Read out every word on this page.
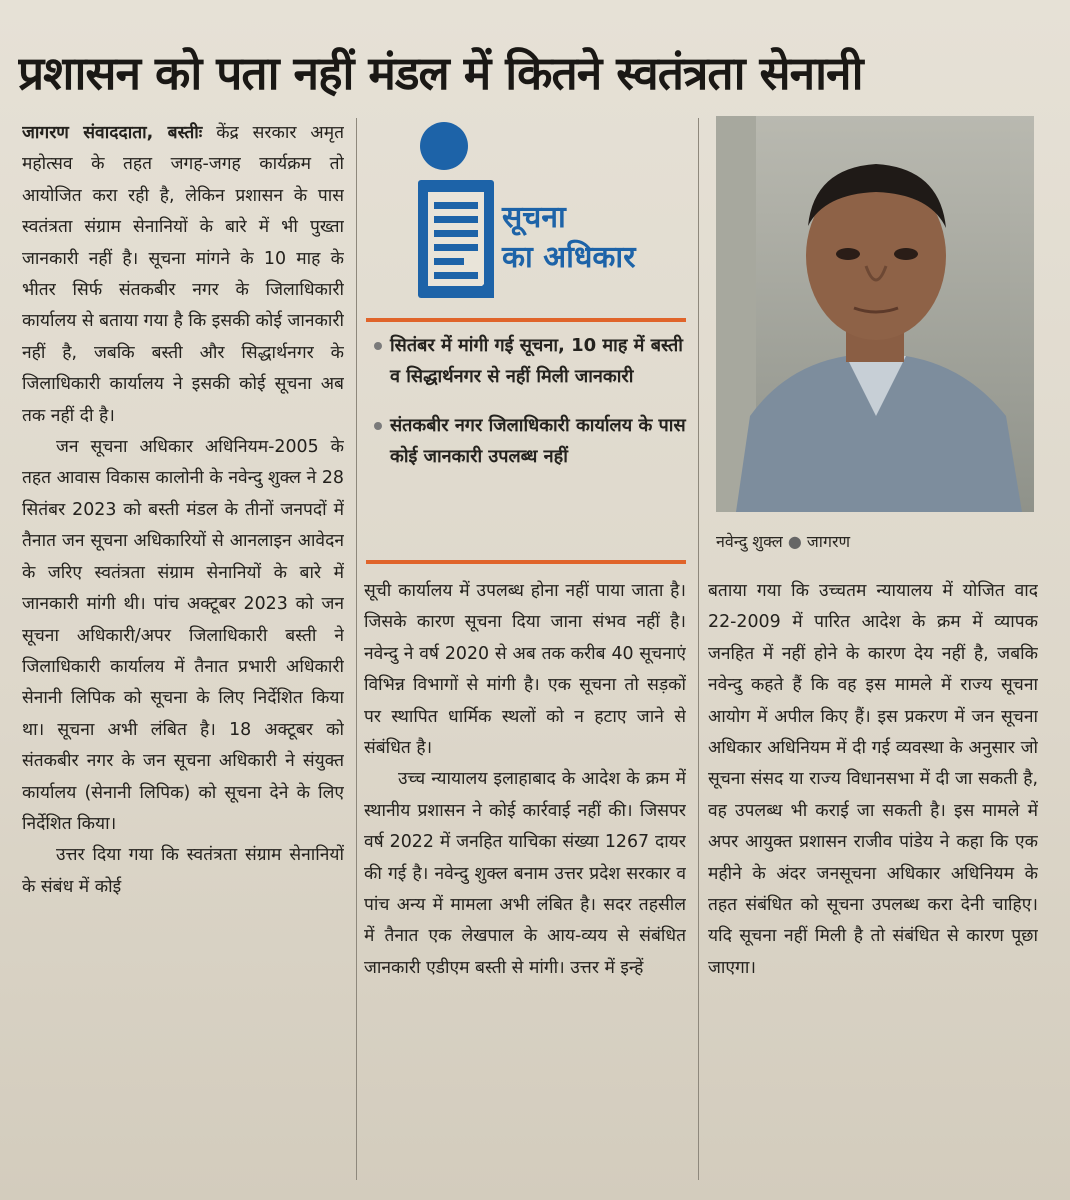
प्रशासन को पता नहीं मंडल में कितने स्वतंत्रता सेनानी

जागरण संवाददाता, बस्तीः केंद्र सरकार अमृत महोत्सव के तहत जगह-जगह कार्यक्रम तो आयोजित करा रही है, लेकिन प्रशासन के पास स्वतंत्रता संग्राम सेनानियों के बारे में भी पुख्ता जानकारी नहीं है। सूचना मांगने के 10 माह के भीतर सिर्फ संतकबीर नगर के जिलाधिकारी कार्यालय से बताया गया है कि इसकी कोई जानकारी नहीं है, जबकि बस्ती और सिद्धार्थनगर के जिलाधिकारी कार्यालय ने इसकी कोई सूचना अब तक नहीं दी है।

जन सूचना अधिकार अधिनियम-2005 के तहत आवास विकास कालोनी के नवेन्दु शुक्ल ने 28 सितंबर 2023 को बस्ती मंडल के तीनों जनपदों में तैनात जन सूचना अधिकारियों से आनलाइन आवेदन के जरिए स्वतंत्रता संग्राम सेनानियों के बारे में जानकारी मांगी थी। पांच अक्टूबर 2023 को जन सूचना अधिकारी/अपर जिलाधिकारी बस्ती ने जिलाधिकारी कार्यालय में तैनात प्रभारी अधिकारी सेनानी लिपिक को सूचना के लिए निर्देशित किया था। सूचना अभी लंबित है। 18 अक्टूबर को संतकबीर नगर के जन सूचना अधिकारी ने संयुक्त कार्यालय (सेनानी लिपिक) को सूचना देने के लिए निर्देशित किया।

उत्तर दिया गया कि स्वतंत्रता संग्राम सेनानियों के संबंध में कोई

सूचना
का अधिकार
सितंबर में मांगी गई सूचना, 10 माह में बस्ती व सिद्धार्थनगर से नहीं मिली जानकारी
संतकबीर नगर जिलाधिकारी कार्यालय के पास कोई जानकारी उपलब्ध नहीं

सूची कार्यालय में उपलब्ध होना नहीं पाया जाता है। जिसके कारण सूचना दिया जाना संभव नहीं है। नवेन्दु ने वर्ष 2020 से अब तक करीब 40 सूचनाएं विभिन्न विभागों से मांगी है। एक सूचना तो सड़कों पर स्थापित धार्मिक स्थलों को न हटाए जाने से संबंधित है।

उच्च न्यायालय इलाहाबाद के आदेश के क्रम में स्थानीय प्रशासन ने कोई कार्रवाई नहीं की। जिसपर वर्ष 2022 में जनहित याचिका संख्या 1267 दायर की गई है। नवेन्दु शुक्ल बनाम उत्तर प्रदेश सरकार व पांच अन्य में मामला अभी लंबित है। सदर तहसील में तैनात एक लेखपाल के आय-व्यय से संबंधित जानकारी एडीएम बस्ती से मांगी। उत्तर में इन्हें

नवेन्दु शुक्ल ● जागरण

बताया गया कि उच्चतम न्यायालय में योजित वाद 22-2009 में पारित आदेश के क्रम में व्यापक जनहित में नहीं होने के कारण देय नहीं है, जबकि नवेन्दु कहते हैं कि वह इस मामले में राज्य सूचना आयोग में अपील किए हैं। इस प्रकरण में जन सूचना अधिकार अधिनियम में दी गई व्यवस्था के अनुसार जो सूचना संसद या राज्य विधानसभा में दी जा सकती है, वह उपलब्ध भी कराई जा सकती है। इस मामले में अपर आयुक्त प्रशासन राजीव पांडेय ने कहा कि एक महीने के अंदर जनसूचना अधिकार अधिनियम के तहत संबंधित को सूचना उपलब्ध करा देनी चाहिए। यदि सूचना नहीं मिली है तो संबंधित से कारण पूछा जाएगा।
